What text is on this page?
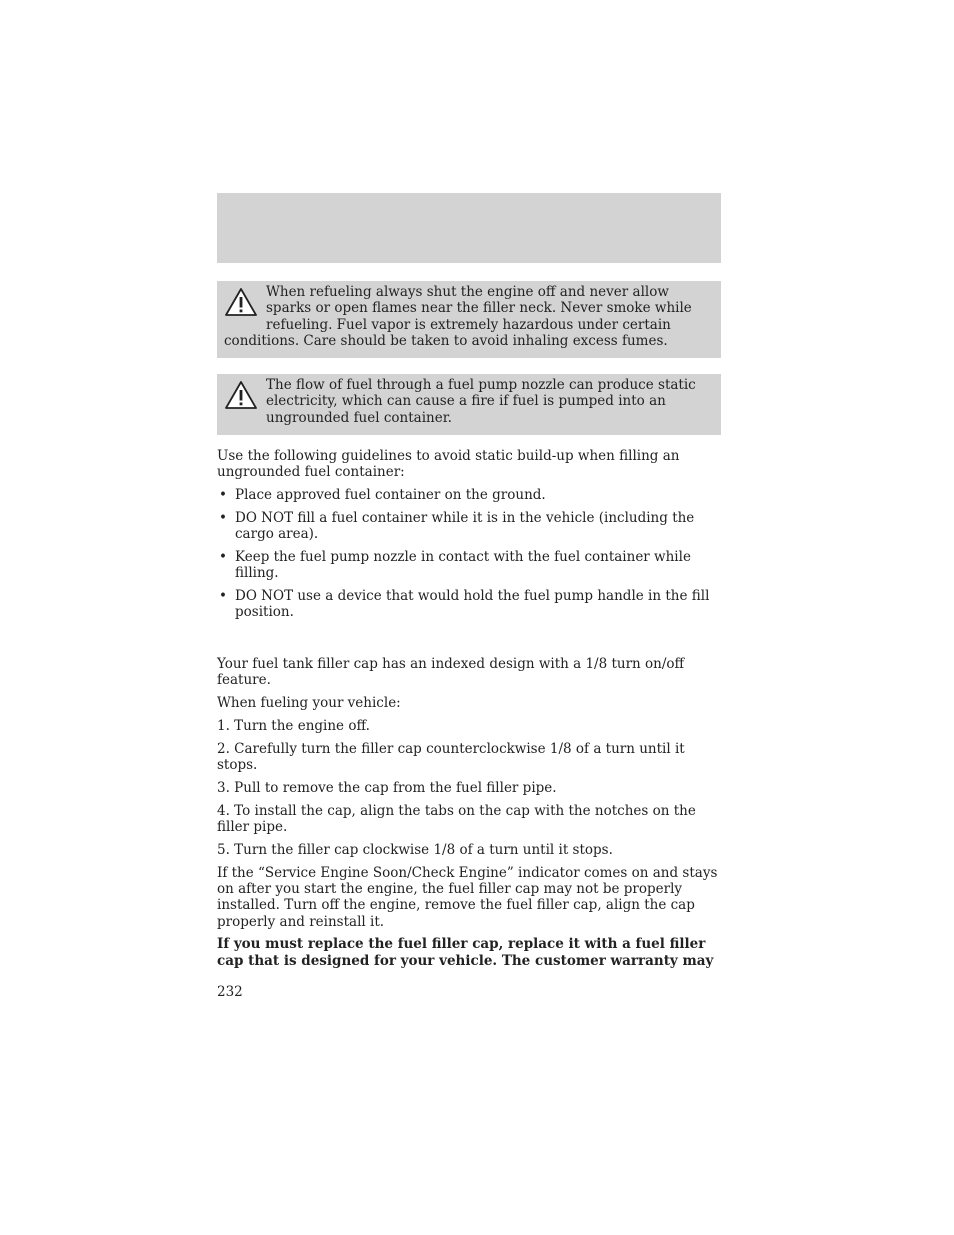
When refueling always shut the engine off and never allow sparks or open flames near the filler neck. Never smoke while refueling. Fuel vapor is extremely hazardous under certain conditions. Care should be taken to avoid inhaling excess fumes.
The flow of fuel through a fuel pump nozzle can produce static electricity, which can cause a fire if fuel is pumped into an ungrounded fuel container.

Use the following guidelines to avoid static build-up when filling an ungrounded fuel container:

• Place approved fuel container on the ground.
• DO NOT fill a fuel container while it is in the vehicle (including the cargo area).
• Keep the fuel pump nozzle in contact with the fuel container while filling.
• DO NOT use a device that would hold the fuel pump handle in the fill position.

Your fuel tank filler cap has an indexed design with a 1/8 turn on/off feature.

When fueling your vehicle:

1. Turn the engine off.

2. Carefully turn the filler cap counterclockwise 1/8 of a turn until it stops.

3. Pull to remove the cap from the fuel filler pipe.

4. To install the cap, align the tabs on the cap with the notches on the filler pipe.

5. Turn the filler cap clockwise 1/8 of a turn until it stops.

If the “Service Engine Soon/Check Engine” indicator comes on and stays on after you start the engine, the fuel filler cap may not be properly installed. Turn off the engine, remove the fuel filler cap, align the cap properly and reinstall it.

If you must replace the fuel filler cap, replace it with a fuel filler cap that is designed for your vehicle. The customer warranty may

232
